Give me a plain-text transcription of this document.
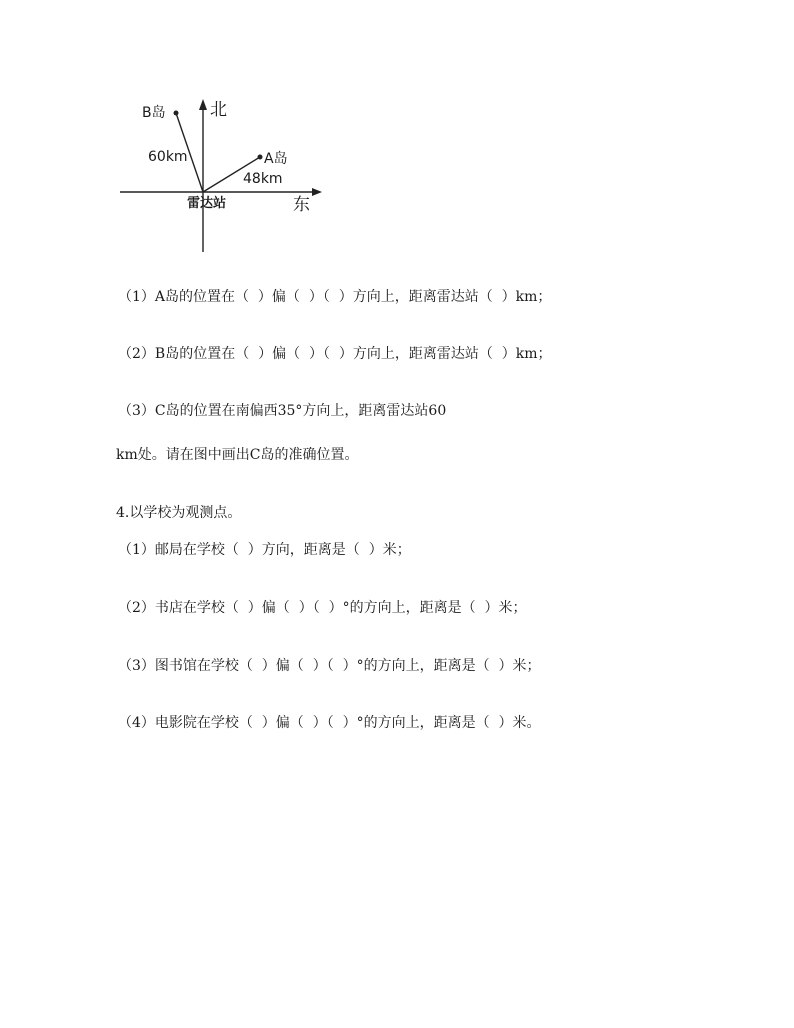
B岛	北
60km	A岛
48km
雷达站	东
（1）A岛的位置在（  ）偏（  ）（  ）方向上，距离雷达站（  ）km；
（2）B岛的位置在（  ）偏（  ）（  ）方向上，距离雷达站（  ）km；
（3）C岛的位置在南偏西35°方向上，距离雷达站60
km处。请在图中画出C岛的准确位置。
4.以学校为观测点。
（1）邮局在学校（  ）方向，距离是（  ）米；
（2）书店在学校（  ）偏（  ）（  ）°的方向上，距离是（  ）米；
（3）图书馆在学校（  ）偏（  ）（  ）°的方向上，距离是（  ）米；
（4）电影院在学校（  ）偏（  ）（  ）°的方向上，距离是（  ）米。
